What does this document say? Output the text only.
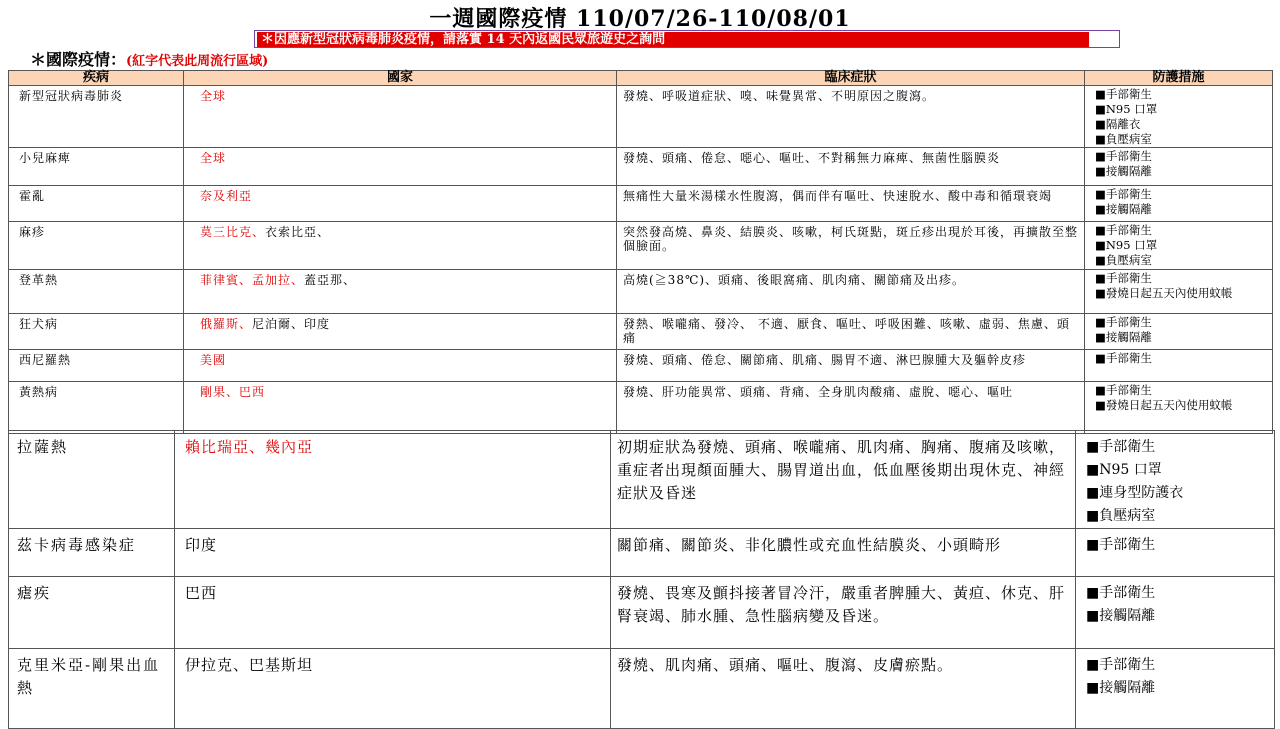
一週國際疫情 110/07/26-110/08/01
＊因應新型冠狀病毒肺炎疫情，請落實 14 天內返國民眾旅遊史之詢問
＊國際疫情：(紅字代表此周流行區域)
疾病	國家	臨床症狀	防護措施
新型冠狀病毒肺炎	全球	發燒、呼吸道症狀、嗅、味覺異常、不明原因之腹瀉。	■手部衛生
■N95 口罩
■隔離衣
■負壓病室

小兒麻痺	全球	發燒、頭痛、倦怠、噁心、嘔吐、不對稱無力麻痺、無菌性腦膜炎	■手部衛生
■接觸隔離

霍亂	奈及利亞	無痛性大量米湯樣水性腹瀉，偶而伴有嘔吐、快速脫水、酸中毒和循環衰竭	■手部衛生
■接觸隔離

麻疹	莫三比克、衣索比亞、	突然發高燒、鼻炎、結膜炎、咳嗽，柯氏斑點，斑丘疹出現於耳後，再擴散至整個臉面。	■手部衛生
■N95 口罩
■負壓病室

登革熱	菲律賓、孟加拉、蓋亞那、	高燒(≧38℃)、頭痛、後眼窩痛、肌肉痛、關節痛及出疹。	■手部衛生
■發燒日起五天內使用蚊帳

狂犬病	俄羅斯、尼泊爾、印度	發熱、喉嚨痛、發冷、 不適、厭食、嘔吐、呼吸困難、咳嗽、虛弱、焦慮、頭痛	■手部衛生
■接觸隔離

西尼羅熱	美國	發燒、頭痛、倦怠、關節痛、肌痛、腸胃不適、淋巴腺腫大及軀幹皮疹	■手部衛生

黃熱病	剛果、巴西	發燒、肝功能異常、頭痛、背痛、全身肌肉酸痛、虛脫、噁心、嘔吐	■手部衛生
■發燒日起五天內使用蚊帳
拉薩熱	賴比瑞亞、幾內亞	初期症狀為發燒、頭痛、喉嚨痛、肌肉痛、胸痛、腹痛及咳嗽，重症者出現顏面腫大、腸胃道出血，低血壓後期出現休克、神經症狀及昏迷	■手部衛生
■N95 口罩
■連身型防護衣
■負壓病室

茲卡病毒感染症	印度	關節痛、關節炎、非化膿性或充血性結膜炎、小頭畸形	■手部衛生

瘧疾	巴西	發燒、畏寒及顫抖接著冒冷汗，嚴重者脾腫大、黃疸、休克、肝腎衰竭、肺水腫、急性腦病變及昏迷。	■手部衛生
■接觸隔離

克里米亞-剛果出血熱	伊拉克、巴基斯坦	發燒、肌肉痛、頭痛、嘔吐、腹瀉、皮膚瘀點。	■手部衛生
■接觸隔離
